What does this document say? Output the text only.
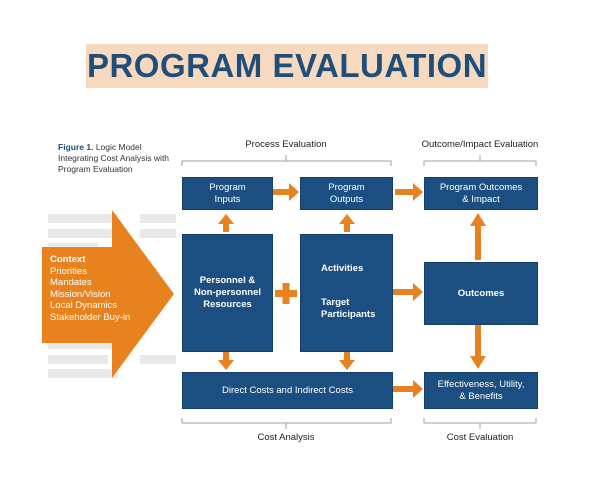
PROGRAM EVALUATION
Figure 1. Logic Model Integrating Cost Analysis with Program Evaluation
Process Evaluation	Outcome/Impact Evaluation
Cost Analysis	Cost Evaluation
Context
Priorities
Mandates
Mission/Vision
Local Dynamics
Stakeholder Buy-in
Program
Inputs
Program
Outputs
Program Outcomes
& Impact
Personnel &
Non-personnel
Resources
Activities
Target
Participants
Outcomes
Direct Costs and Indirect Costs
Effectiveness, Utility,
& Benefits
